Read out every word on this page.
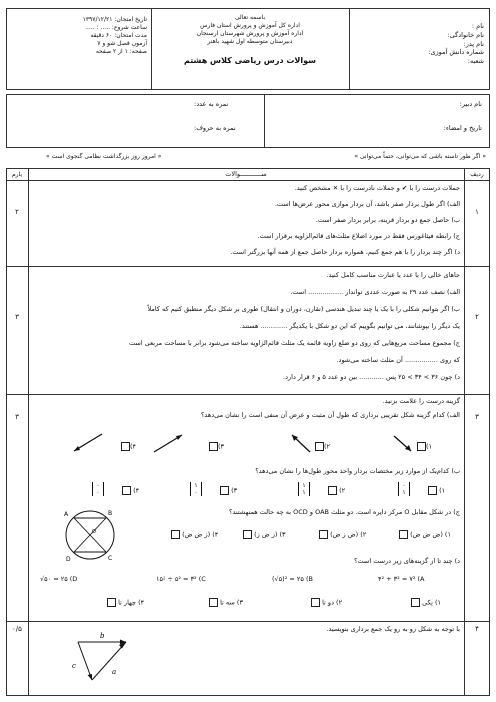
نام :
نام خانوادگی:
نام پدر:
شماره دانش آموزی:
شعبه:
باسمه تعالی
اداره کل آموزش و پرورش استان فارس
اداره آموزش و پرورش شهرستان ارسنجان
دبیرستان متوسطه اول شهید باهنر
سوالات درس ریاضی کلاس هشتم
تاریخ امتحان: ۱۳۹۷/۱۲/۲۱
ساعت شروع: ..... : .....
مدت امتحان: ۶۰ دقیقه
آزمون فصل شو و ۷
صفحه: ۱ از ۲ صفحه
نام دبیر:
تاریخ و امضاء:
نمره به عدد:
نمره به حروف:
« امروز روز بزرگداشت نظامی گنجوی است »	« اگر طور تاسته باشی که می‌توانی، حتماً می‌توانی »
بارم	ســـــــــــوالات	ردیف
۱
۲
جملات درست را با ✔ و جملات نادرست را با ✕ مشخص کنید.
الف) اگر طول بردار صفر باشد، آن بردار موازی محور عرض‌ها است.
ب) حاصل جمع دو بردار قرینه، برابر بردار صفر است.
ج) رابطه فیثاغورس فقط در مورد اضلاع مثلث‌های قائم‌الزاویه برقرار است.
د) اگر چند بردار را با هم جمع کنیم، همواره بردار حاصل جمع از همه آنها بزرگتر است.
۲
۳
جاهای خالی را با عدد یا عبارت مناسب کامل کنید.
الف) نصف عدد ۲۹ به صورت عددی تواندار ................. است.
ب) اگر بتوانیم شکلی را با یک یا چند تبدیل هندسی (تقارن، دوران و انتقال) طوری بر شکل دیگر منطبق کنیم که کاملاً
یک دیگر را بپوشانند، می توانیم بگوییم که این دو شکل با یکدیگر ............. هستند.
ج) مجموع مساحت مربع‌هایی که روی دو ضلع زاویه قائمه یک مثلث قائم‌الزاویه ساخته می‌شود برابر با مساحت مربعی است
که روی ................ آن مثلث ساخته می‌شود.
د) چون ۳۶ > ۳۴ > ۲۵ پس ............ بین دو عدد ۵ و ۶ قرار دارد.
۳
۳
گزینه درست را علامت بزنید.
الف) کدام گزینه شکل تقریبی برداری که طول آن مثبت و عرض آن منفی است را نشان می‌دهد؟
۱)
۲)
۳)
۴)
ب) کدام‌یک از موارد زیر مختصات بردار واحد محور طول‌ها را نشان می‌دهد؟
۱)
۰
۱
۲)
۱
۱
۳)
۱
۰
۴)
۰
۰
ج) در شکل مقابل O مرکز دایره است. دو مثلث OAB و OCD به چه حالت همنهشتند؟
۱) (ض ض ض)
۲) (ض ز ض)
۳) (ز ض ز)
۴) (ز ض ض)
A	B
C
D
O
د) چند تا از گزینه‌های زیر درست است؟
۴² + ۳² = ۷² (A
(√۵)² = ۲۵ (B
۱۵⁲ ÷ ۵² = ۳² (C
√۵۰ = ۲۵ (D
۱) یکی
۲) دو تا
۳) سه تا
۴) چهار تا
۴
۰/۵	با توجه به شکل رو به رو یک جمع برداری بنویسید.
b
c
a
